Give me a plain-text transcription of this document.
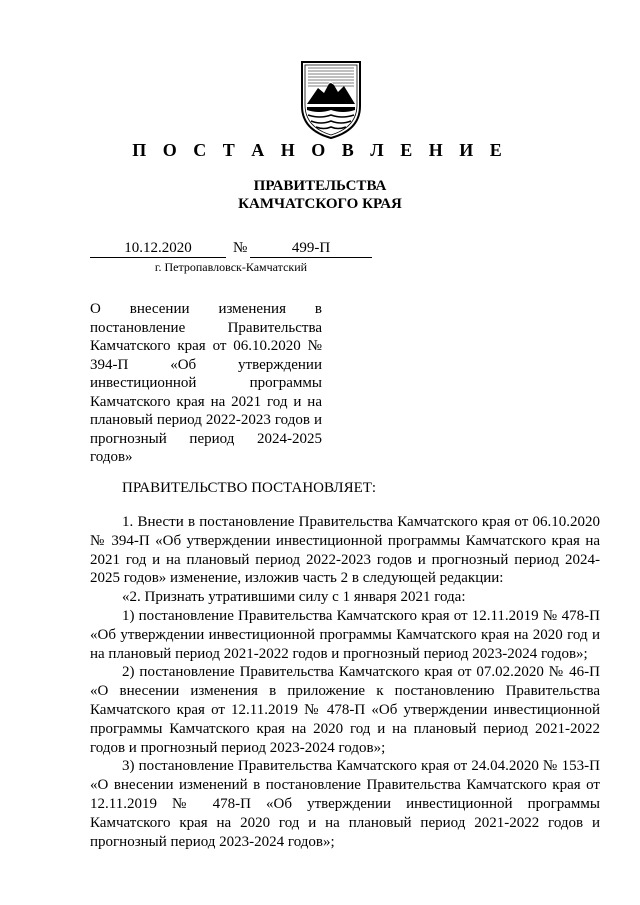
П О С Т А Н О В Л Е Н И Е
ПРАВИТЕЛЬСТВА
КАМЧАТСКОГО КРАЯ
10.12.2020	№	499-П
г. Петропавловск-Камчатский
О внесении изменения в постановление Правительства Камчатского края от 06.10.2020 № 394-П «Об утверждении инвестиционной программы Камчатского края на 2021 год и на плановый период 2022-2023 годов и прогнозный период 2024-2025 годов»
ПРАВИТЕЛЬСТВО ПОСТАНОВЛЯЕТ:

1. Внести в постановление Правительства Камчатского края от 06.10.2020 № 394-П «Об утверждении инвестиционной программы Камчатского края на 2021 год и на плановый период 2022-2023 годов и прогнозный период 2024-2025 годов» изменение, изложив часть 2 в следующей редакции:

«2. Признать утратившими силу с 1 января 2021 года:

1) постановление Правительства Камчатского края от 12.11.2019 № 478-П «Об утверждении инвестиционной программы Камчатского края на 2020 год и на плановый период 2021-2022 годов и прогнозный период 2023-2024 годов»;

2) постановление Правительства Камчатского края от 07.02.2020 № 46-П «О внесении изменения в приложение к постановлению Правительства Камчатского края от 12.11.2019 № 478-П «Об утверждении инвестиционной программы Камчатского края на 2020 год и на плановый период 2021-2022 годов и прогнозный период 2023-2024 годов»;

3) постановление Правительства Камчатского края от 24.04.2020 № 153-П «О внесении изменений в постановление Правительства Камчатского края от 12.11.2019 № 478-П «Об утверждении инвестиционной программы Камчатского края на 2020 год и на плановый период 2021-2022 годов и прогнозный период 2023-2024 годов»;
